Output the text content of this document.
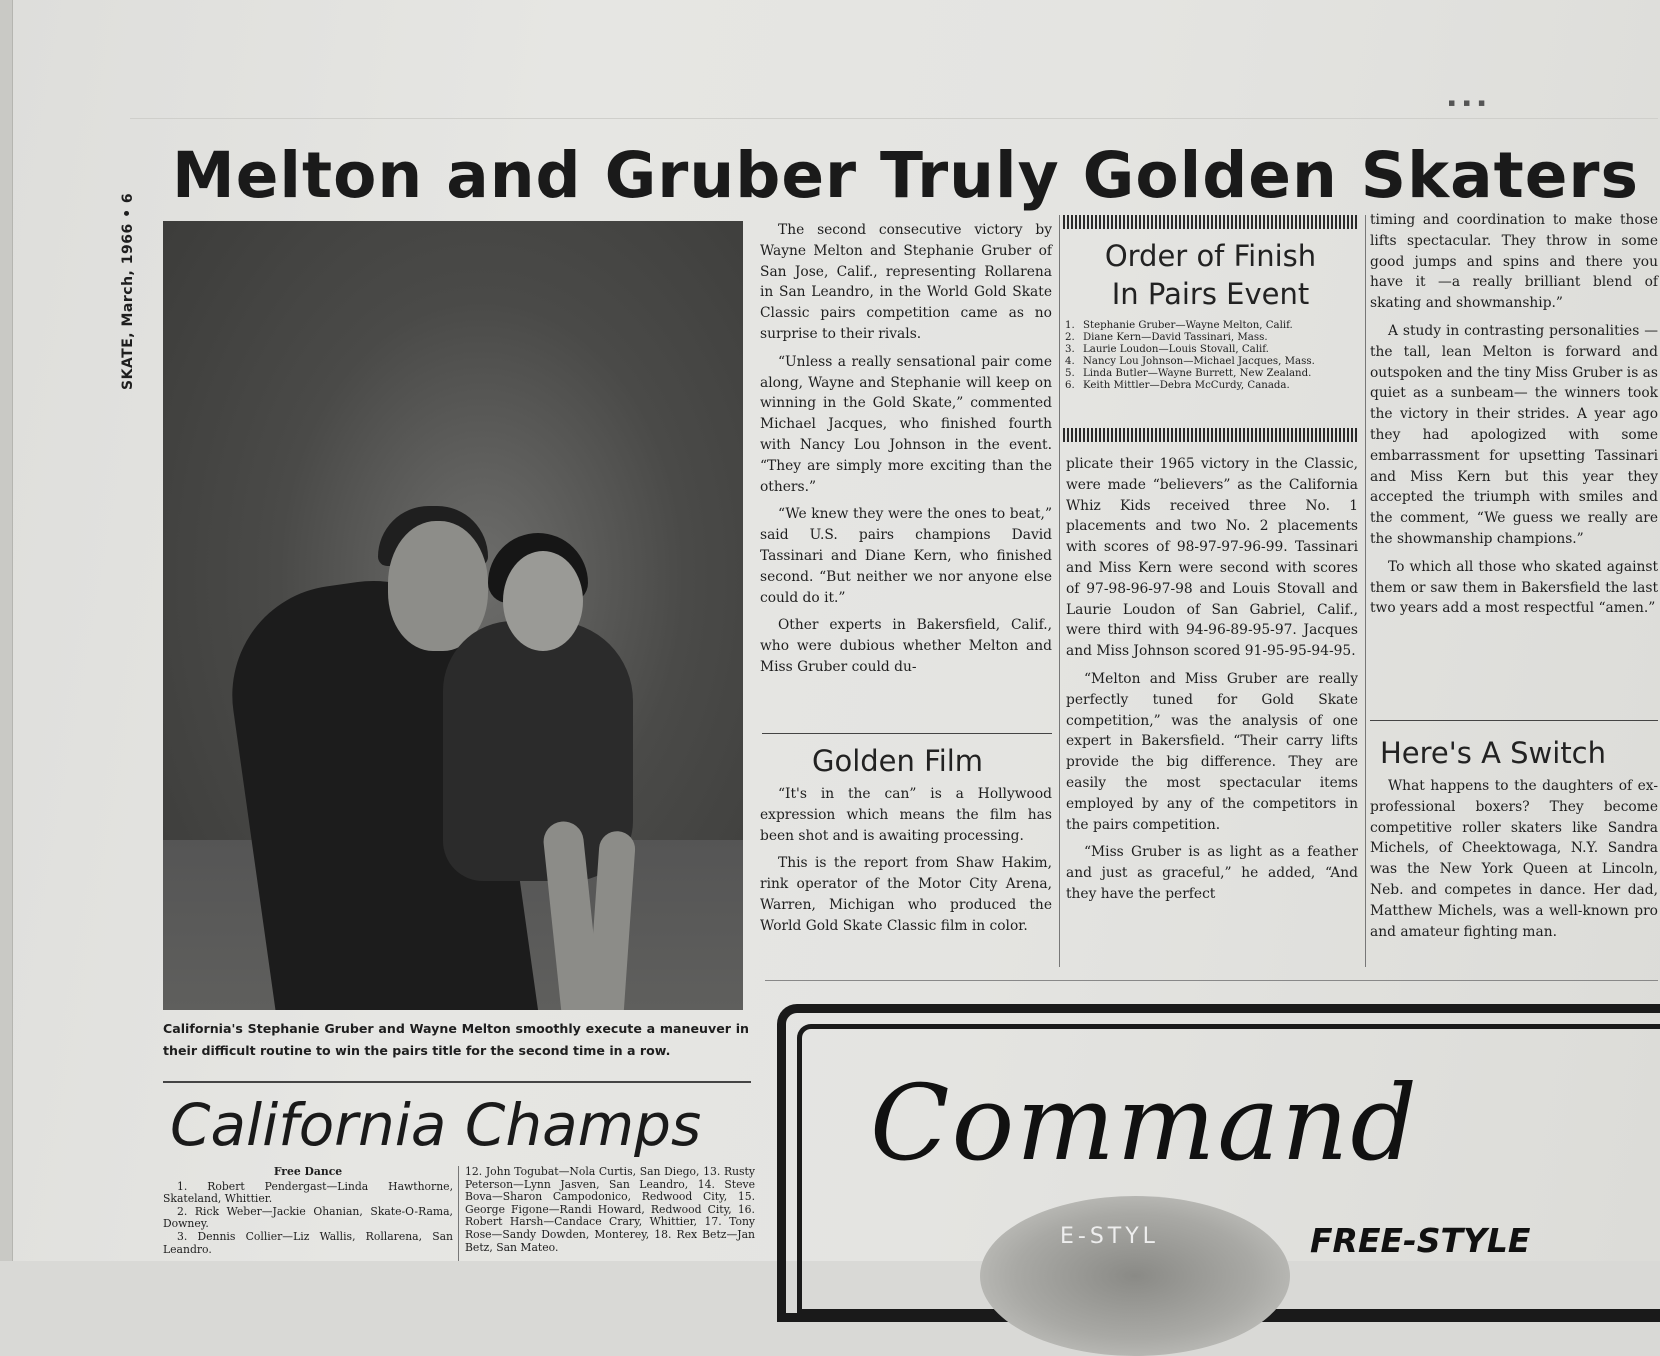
▪ ▪ ▪
SKATE, March, 1966 • 6
Melton and Gruber Truly Golden Skaters
California's Stephanie Gruber and Wayne Melton smoothly execute a maneuver in their difficult routine to win the pairs title for the second time in a row.

The second consecutive victory by Wayne Melton and Stephanie Gruber of San Jose, Calif., representing Rollarena in San Leandro, in the World Gold Skate Classic pairs competition came as no surprise to their rivals.

“Unless a really sensational pair come along, Wayne and Stephanie will keep on winning in the Gold Skate,” commented Michael Jacques, who finished fourth with Nancy Lou Johnson in the event. “They are simply more exciting than the others.”

“We knew they were the ones to beat,” said U.S. pairs champions David Tassinari and Diane Kern, who finished second. “But neither we nor anyone else could do it.”

Other experts in Bakersfield, Calif., who were dubious whether Melton and Miss Gruber could du-

Golden Film

“It's in the can” is a Hollywood expression which means the film has been shot and is awaiting processing.

This is the report from Shaw Hakim, rink operator of the Motor City Arena, Warren, Michigan who produced the World Gold Skate Classic film in color.

Order of Finish
In Pairs Event
1. Stephanie Gruber—Wayne Melton, Calif.
2. Diane Kern—David Tassinari, Mass.
3. Laurie Loudon—Louis Stovall, Calif.
4. Nancy Lou Johnson—Michael Jacques, Mass.
5. Linda Butler—Wayne Burrett, New Zealand.
6. Keith Mittler—Debra McCurdy, Canada.

plicate their 1965 victory in the Classic, were made “believers” as the California Whiz Kids received three No. 1 placements and two No. 2 placements with scores of 98-97-97-96-99. Tassinari and Miss Kern were second with scores of 97-98-96-97-98 and Louis Stovall and Laurie Loudon of San Gabriel, Calif., were third with 94-96-89-95-97. Jacques and Miss Johnson scored 91-95-95-94-95.

“Melton and Miss Gruber are really perfectly tuned for Gold Skate competition,” was the analysis of one expert in Bakersfield. “Their carry lifts provide the big difference. They are easily the most spectacular items employed by any of the competitors in the pairs competition.

“Miss Gruber is as light as a feather and just as graceful,” he added, “And they have the perfect

timing and coordination to make those lifts spectacular. They throw in some good jumps and spins and there you have it —a really brilliant blend of skating and showmanship.”

A study in contrasting personalities —the tall, lean Melton is forward and outspoken and the tiny Miss Gruber is as quiet as a sunbeam— the winners took the victory in their strides. A year ago they had apologized with some embarrassment for upsetting Tassinari and Miss Kern but this year they accepted the triumph with smiles and the comment, “We guess we really are the showmanship champions.”

To which all those who skated against them or saw them in Bakersfield the last two years add a most respectful “amen.”

Here's A Switch

What happens to the daughters of ex-professional boxers? They become competitive roller skaters like Sandra Michels, of Cheektowaga, N.Y. Sandra was the New York Queen at Lincoln, Neb. and competes in dance. Her dad, Matthew Michels, was a well-known pro and amateur fighting man.

California Champs
Free Dance

1. Robert Pendergast—Linda Hawthorne, Skateland, Whittier.

2. Rick Weber—Jackie Ohanian, Skate-O-Rama, Downey.

3. Dennis Collier—Liz Wallis, Rollarena, San Leandro.

12. John Togubat—Nola Curtis, San Diego, 13. Rusty Peterson—Lynn Jasven, San Leandro, 14. Steve Bova—Sharon Campodonico, Redwood City, 15. George Figone—Randi Howard, Redwood City, 16. Robert Harsh—Candace Crary, Whittier, 17. Tony Rose—Sandy Dowden, Monterey, 18. Rex Betz—Jan Betz, San Mateo.

Command
E-STYL	FREE-STYLE
